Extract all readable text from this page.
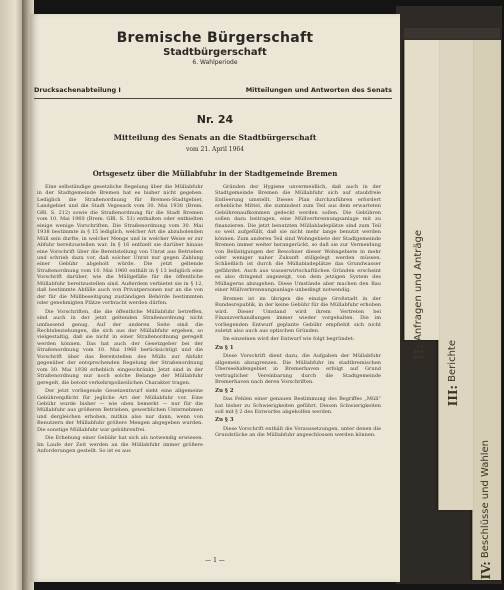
II: Anfragen und Anträge
III: Berichte
IV: Beschlüsse und Wahlen
Bremische Bürgerschaft
Stadtbürgerschaft
6. Wahlperiode
Drucksachenabteilung I	Mitteilungen und Antworten des Senats
Nr. 24
Mitteilung des Senats an die Stadtbürgerschaft
vom 21. April 1964
Ortsgesetz über die Müllabfuhr in der Stadtgemeinde Bremen

Eine selbständige gesetzliche Regelung über die Müllabfuhr in der Stadtgemeinde Bremen hat es bisher nicht gegeben. Lediglich die Straßenordnung für Bremen-Stadtgebiet, Landgebiet und die Stadt Vegesack vom 30. Mai 1938 (Brem. GBl. S. 212) sowie die Straßenordnung für die Stadt Bremen vom 10. Mai 1960 (Brem. GBl. S. 51) enthalten oder enthielten einige wenige Vorschriften. Die Straßenordnung vom 30. Mai 1938 bestimmte in § 15 lediglich, welcher Art die abzuholenden Müll sein durfte, in welcher Menge und in welcher Weise er zur Abfuhr bereitzustellen war. In § 16 enthielt sie darüber hinaus eine Vorschrift über die Bereitstellung von Unrat aus Betrieben und schrieb dazu vor, daß solcher Unrat nur gegen Zahlung einer Gebühr abgeholt würde. Die jetzt geltende Straßenordnung vom 10. Mai 1960 enthält in § 13 lediglich eine Vorschrift darüber, wie die Müllgefäße für die öffentliche Müllabfuhr bereitzustellen sind. Außerdem verbietet sie in § 12, daß bestimmte Abfälle auch von Privatpersonen nur an die von der für die Müllbeseitigung zuständigen Behörde bestimmten oder genehmigten Plätze verbracht werden dürfen.

Die Vorschriften, die die öffentliche Müllabfuhr betreffen, sind auch in der jetzt geltenden Straßenordnung nicht umfassend genug. Auf der anderen Seite sind die Rechtsbeziehungen, die sich aus der Müllabfuhr ergeben, so vielgestaltig, daß sie nicht in einer Straßenordnung geregelt werden können. Das hat auch der Gesetzgeber bei der Straßenordnung vom 10. Mai 1960 berücksichtigt und die Vorschrift über das Bereitstellen des Mülls zur Abfuhr gegenüber der entsprechenden Regelung der Straßenordnung vom 30. Mai 1938 erheblich eingeschränkt. Jetzt sind in der Straßenordnung nur noch solche Belange der Müllabfuhr geregelt, die betont verkehrspolizeilichen Charakter tragen.

Der jetzt vorliegende Gesetzentwurf sieht eine allgemeine Gebührenpflicht für jegliche Art der Müllabfuhr vor. Eine Gebühr wurde bisher — wie oben bemerkt — nur für die Müllabfuhr aus größeren Betrieben, gewerblichen Unternehmen und dergleichen erhoben, mithin also nur dann, wenn von Benutzern der Müllabfuhr größere Mengen abgegeben wurden. Die sonstige Müllabfuhr war gebührenfrei.

Die Erhebung einer Gebühr hat sich als notwendig erwiesen. Im Laufe der Zeit werden an die Müllabfuhr immer größere Anforderungen gestellt. So ist es aus

Gründen der Hygiene unvermeidlich, daß auch in der Stadtgemeinde Bremen die Müllabfuhr sich auf staubfreie Entleerung umstellt. Dieses Plan durchzuführen erfordert erhebliche Mittel, die zumindest zum Teil aus dem erwarteten Gebührenaufkommen gedeckt werden sollen. Die Gebühren sollen dazu beitragen, eine Müllverbrennungsanlage mit zu finanzieren. Die jetzt benutzten Müllabladeplätze sind zum Teil so weit aufgefüllt, daß sie nicht mehr lange benutzt werden können. Zum anderen Teil sind Wohngebiete der Stadtgemeinde Bremen immer weiter herangerückt, so daß sie zur Vermeidung von Belästigungen der Bewohner dieser Wohngebiete in mehr oder weniger naher Zukunft stillgelegt werden müssen. Schließlich ist durch die Müllabladeplätze das Grundwasser gefährdet. Auch aus wasserwirtschaftlichen Gründen erscheint es also dringend angezeigt, von dem jetzigen System des Müllagerns abzugehen. Diese Umstände aber machen den Bau einer Müllverbrennungsanlage unbedingt notwendig.

Bremen ist im übrigen die einzige Großstadt in der Bundesrepublik, in der keine Gebühr für die Müllabfuhr erhoben wird. Dieser Umstand wird ihrem Vertreten bei Finanzverhandlungen immer wieder vorgehalten. Die im vorliegenden Entwurf geplante Gebühr empfiehlt sich nicht zuletzt also auch aus optischen Gründen.

Im einzelnen wird der Entwurf wie folgt begründet:

Zu § 1

Diese Vorschrift dient dazu, die Aufgaben der Müllabfuhr allgemein abzugrenzen. Die Müllabfuhr im stadtbremischen Überseehafengebiet in Bremerhaven erfolgt auf Grund vertraglicher Vereinbarung durch die Stadtgemeinde Bremerhaven nach deren Vorschriften.

Zu § 2

Das Fehlen einer genauen Bestimmung des Begriffes „Müll“ hat bisher zu Schwierigkeiten geführt. Diesen Schwierigkeiten soll mit § 2 des Entwurfes abgeholfen werden.

Zu § 3

Diese Vorschrift enthält die Voraussetzungen, unter denen die Grundstücke an die Müllabfuhr angeschlossen werden können.

— 1 —
